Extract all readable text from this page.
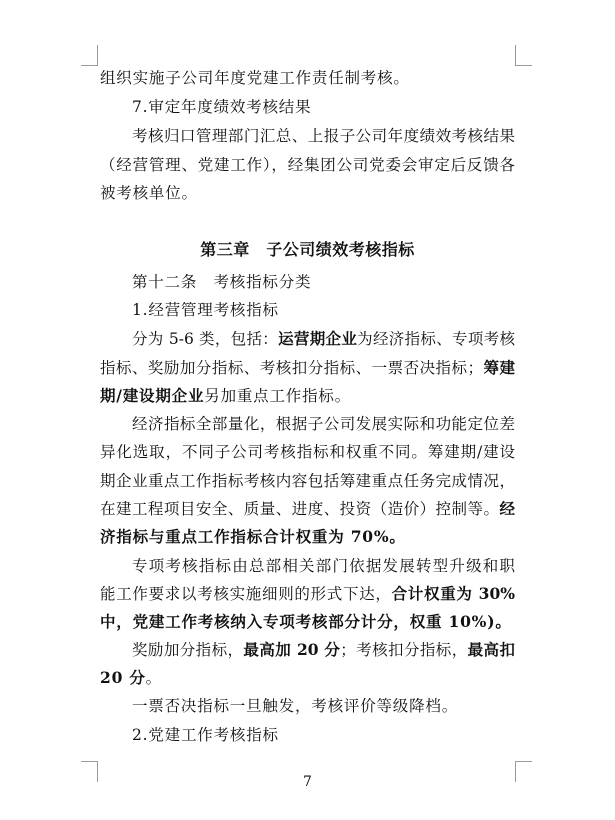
组织实施子公司年度党建工作责任制考核。
7.审定年度绩效考核结果
考核归口管理部门汇总、上报子公司年度绩效考核结果
（经营管理、党建工作），经集团公司党委会审定后反馈各
被考核单位。
第三章　子公司绩效考核指标
第十二条　考核指标分类
1.经营管理考核指标
分为 5-6 类，包括：运营期企业为经济指标、专项考核
指标、奖励加分指标、考核扣分指标、一票否决指标；筹建
期/建设期企业另加重点工作指标。
经济指标全部量化，根据子公司发展实际和功能定位差
异化选取，不同子公司考核指标和权重不同。筹建期/建设
期企业重点工作指标考核内容包括筹建重点任务完成情况，
在建工程项目安全、质量、进度、投资（造价）控制等。经
济指标与重点工作指标合计权重为 70%。
专项考核指标由总部相关部门依据发展转型升级和职
能工作要求以考核实施细则的形式下达，合计权重为 30%
中，党建工作考核纳入专项考核部分计分，权重 10%)。
奖励加分指标，最高加 20 分；考核扣分指标，最高扣
20 分。
一票否决指标一旦触发，考核评价等级降档。
2.党建工作考核指标
7
